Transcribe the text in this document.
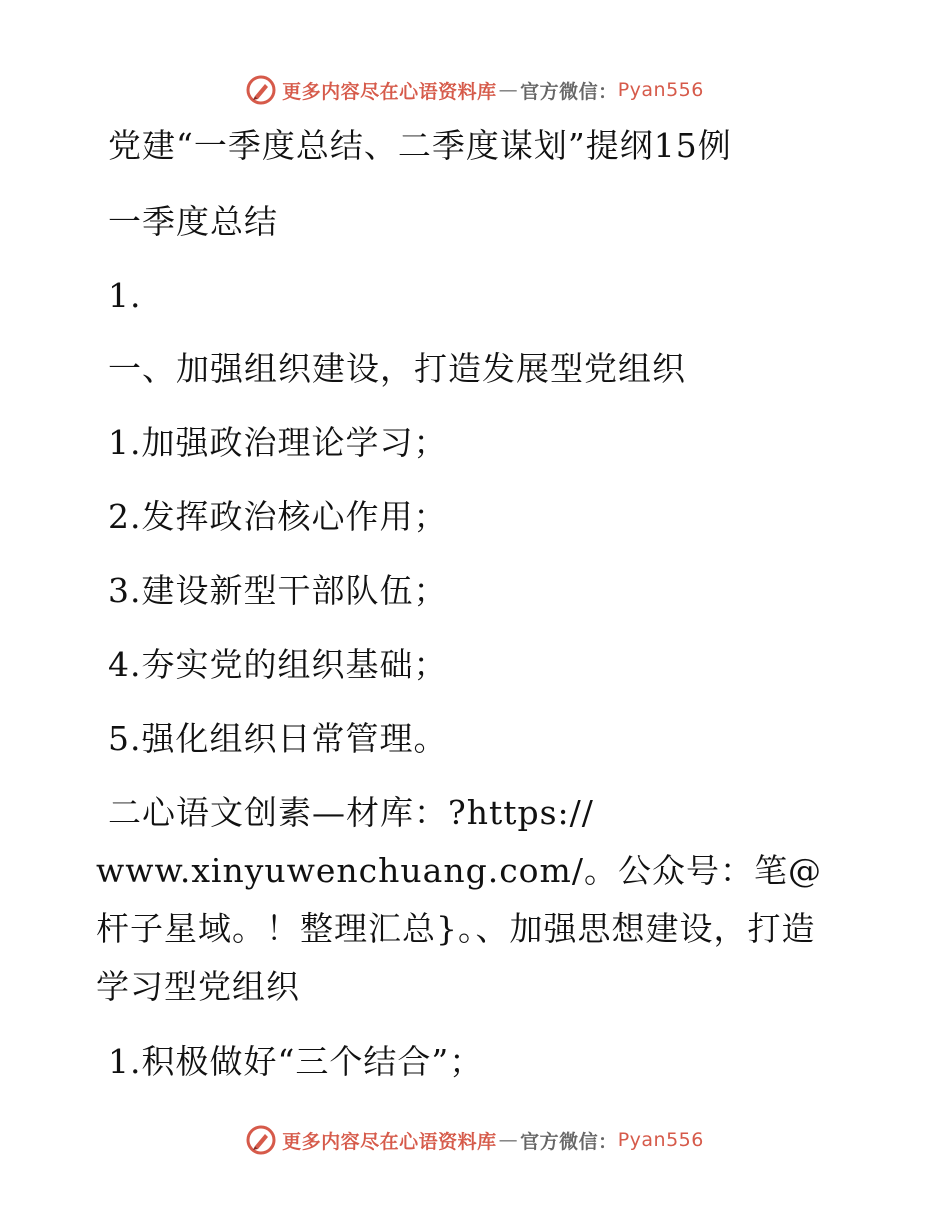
更多内容尽在心语资料库 — 官方微信： Pyan556
党建“一季度总结、二季度谋划”提纲15例
一季度总结
1.
一、加强组织建设，打造发展型党组织
1.加强政治理论学习；
2.发挥政治核心作用；
3.建设新型干部队伍；
4.夯实党的组织基础；
5.强化组织日常管理。
二心语文创素—材库：?https://
www.xinyuwenchuang.com/。公众号：笔@杆子星域。！整理汇总}。、加强思想建设，打造学习型党组织
1.积极做好“三个结合”；
更多内容尽在心语资料库 — 官方微信： Pyan556
